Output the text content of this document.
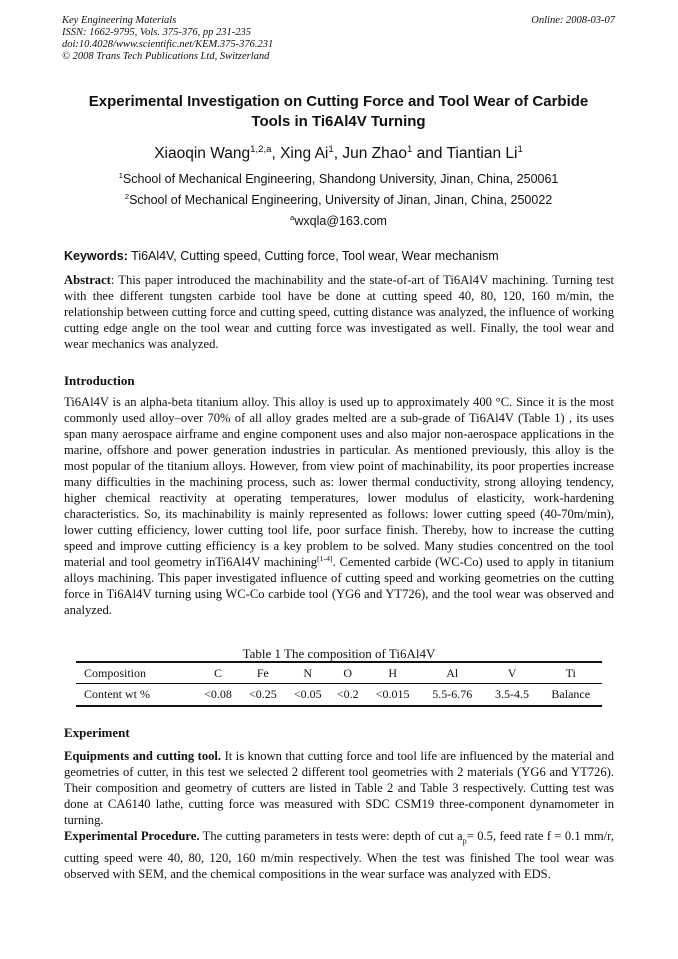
Key Engineering Materials
ISSN: 1662-9795, Vols. 375-376, pp 231-235
doi:10.4028/www.scientific.net/KEM.375-376.231
© 2008 Trans Tech Publications Ltd, Switzerland
Online: 2008-03-07
Experimental Investigation on Cutting Force and Tool Wear of Carbide
Tools in Ti6Al4V Turning
Xiaoqin Wang$^{1,2,a}$, Xing Ai$^1$, Jun Zhao$^1$ and Tiantian Li$^1$
$^1$School of Mechanical Engineering, Shandong University, Jinan, China, 250061
$^2$School of Mechanical Engineering, University of Jinan, Jinan, China, 250022
$^a$wxqla@163.com
Keywords: Ti6Al4V, Cutting speed, Cutting force, Tool wear, Wear mechanism
Abstract: This paper introduced the machinability and the state-of-art of Ti6Al4V machining. Turning test with thee different tungsten carbide tool have be done at cutting speed 40, 80, 120, 160 m/min, the relationship between cutting force and cutting speed, cutting distance was analyzed, the influence of working cutting edge angle on the tool wear and cutting force was investigated as well. Finally, the tool wear and wear mechanics was analyzed.
Introduction
Ti6Al4V is an alpha-beta titanium alloy. This alloy is used up to approximately 400 °C. Since it is the most commonly used alloy–over 70% of all alloy grades melted are a sub-grade of Ti6Al4V (Table 1) , its uses span many aerospace airframe and engine component uses and also major non-aerospace applications in the marine, offshore and power generation industries in particular. As mentioned previously, this alloy is the most popular of the titanium alloys. However, from view point of machinability, its poor properties increase many difficulties in the machining process, such as: lower thermal conductivity, strong alloying tendency, higher chemical reactivity at operating temperatures, lower modulus of elasticity, work-hardening characteristics. So, its machinability is mainly represented as follows: lower cutting speed (40-70m/min), lower cutting efficiency, lower cutting tool life, poor surface finish. Thereby, how to increase the cutting speed and improve cutting efficiency is a key problem to be solved. Many studies concentred on the tool material and tool geometry inTi6Al4V machining[1-4]. Cemented carbide (WC-Co) used to apply in titanium alloys machining. This paper investigated influence of cutting speed and working geometries on the cutting force in Ti6Al4V turning using WC-Co carbide tool (YG6 and YT726), and the tool wear was observed and analyzed.
Table 1 The composition of Ti6Al4V
Composition	C	Fe	N	O	H	Al	V	Ti
Content wt %	<0.08	<0.25	<0.05	<0.2	<0.015	5.5-6.76	3.5-4.5	Balance
Experiment
Equipments and cutting tool. It is known that cutting force and tool life are influenced by the material and geometries of cutter, in this test we selected 2 different tool geometries with 2 materials (YG6 and YT726). Their composition and geometry of cutters are listed in Table 2 and Table 3 respectively. Cutting test was done at CA6140 lathe, cutting force was measured with SDC CSM19 three-component dynamometer in turning.
Experimental Procedure. The cutting parameters in tests were: depth of cut $a_p= 0.5$, feed rate f = 0.1 mm/r, cutting speed were 40, 80, 120, 160 m/min respectively. When the test was finished The tool wear was observed with SEM, and the chemical compositions in the wear surface was analyzed with EDS.
